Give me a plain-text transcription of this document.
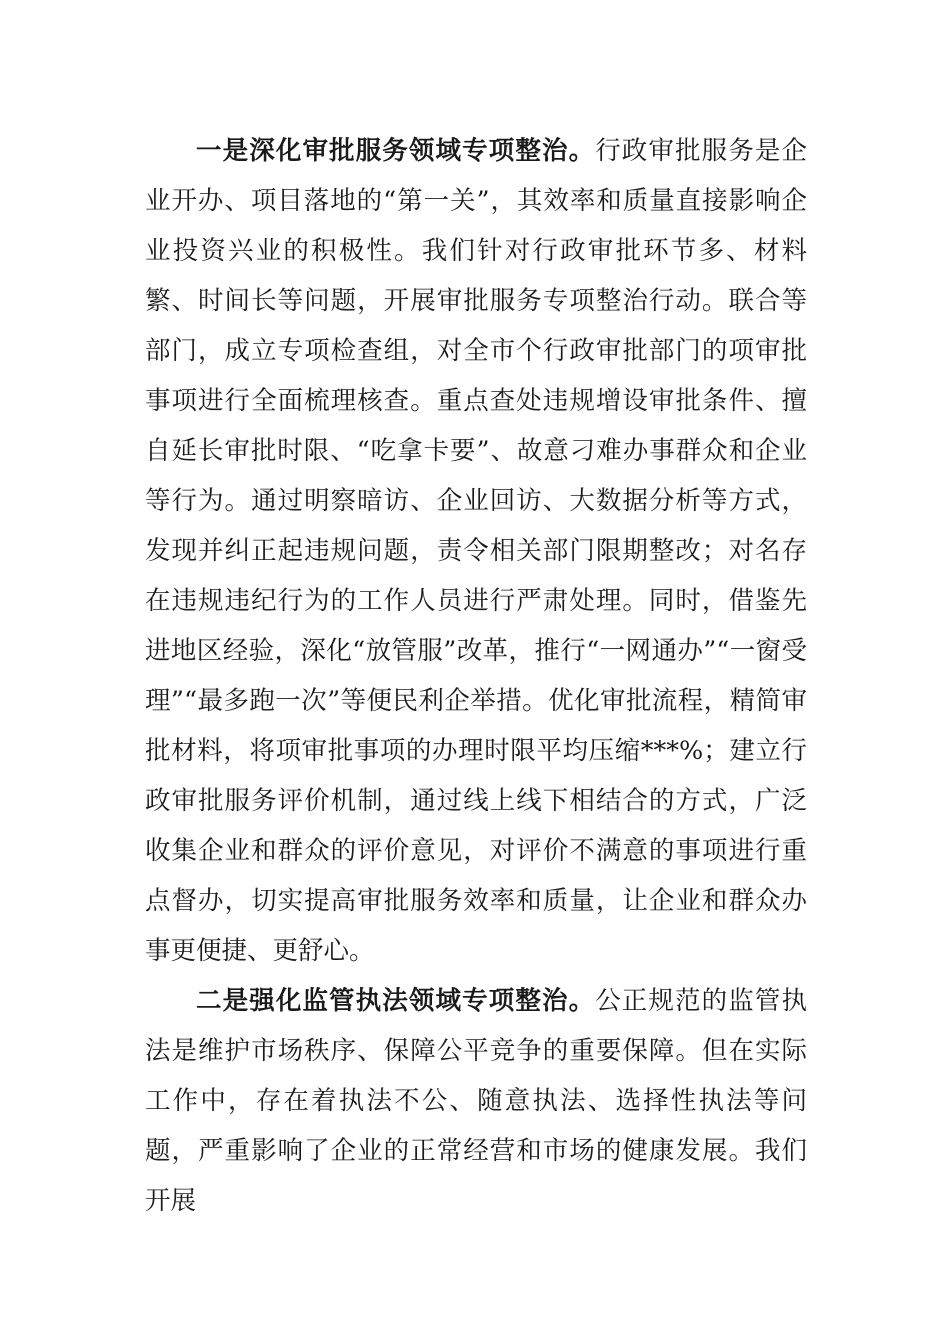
一是深化审批服务领域专项整治。行政审批服务是企业开办、项目落地的“第一关”，其效率和质量直接影响企业投资兴业的积极性。我们针对行政审批环节多、材料繁、时间长等问题，开展审批服务专项整治行动。联合等部门，成立专项检查组，对全市个行政审批部门的项审批事项进行全面梳理核查。重点查处违规增设审批条件、擅自延长审批时限、“吃拿卡要”、故意刁难办事群众和企业等行为。通过明察暗访、企业回访、大数据分析等方式，发现并纠正起违规问题，责令相关部门限期整改；对名存在违规违纪行为的工作人员进行严肃处理。同时，借鉴先进地区经验，深化“放管服”改革，推行“一网通办”“一窗受理”“最多跑一次”等便民利企举措。优化审批流程，精简审批材料，将项审批事项的办理时限平均压缩***%；建立行政审批服务评价机制，通过线上线下相结合的方式，广泛收集企业和群众的评价意见，对评价不满意的事项进行重点督办，切实提高审批服务效率和质量，让企业和群众办事更便捷、更舒心。

二是强化监管执法领域专项整治。公正规范的监管执法是维护市场秩序、保障公平竞争的重要保障。但在实际工作中，存在着执法不公、随意执法、选择性执法等问题，严重影响了企业的正常经营和市场的健康发展。我们开展
